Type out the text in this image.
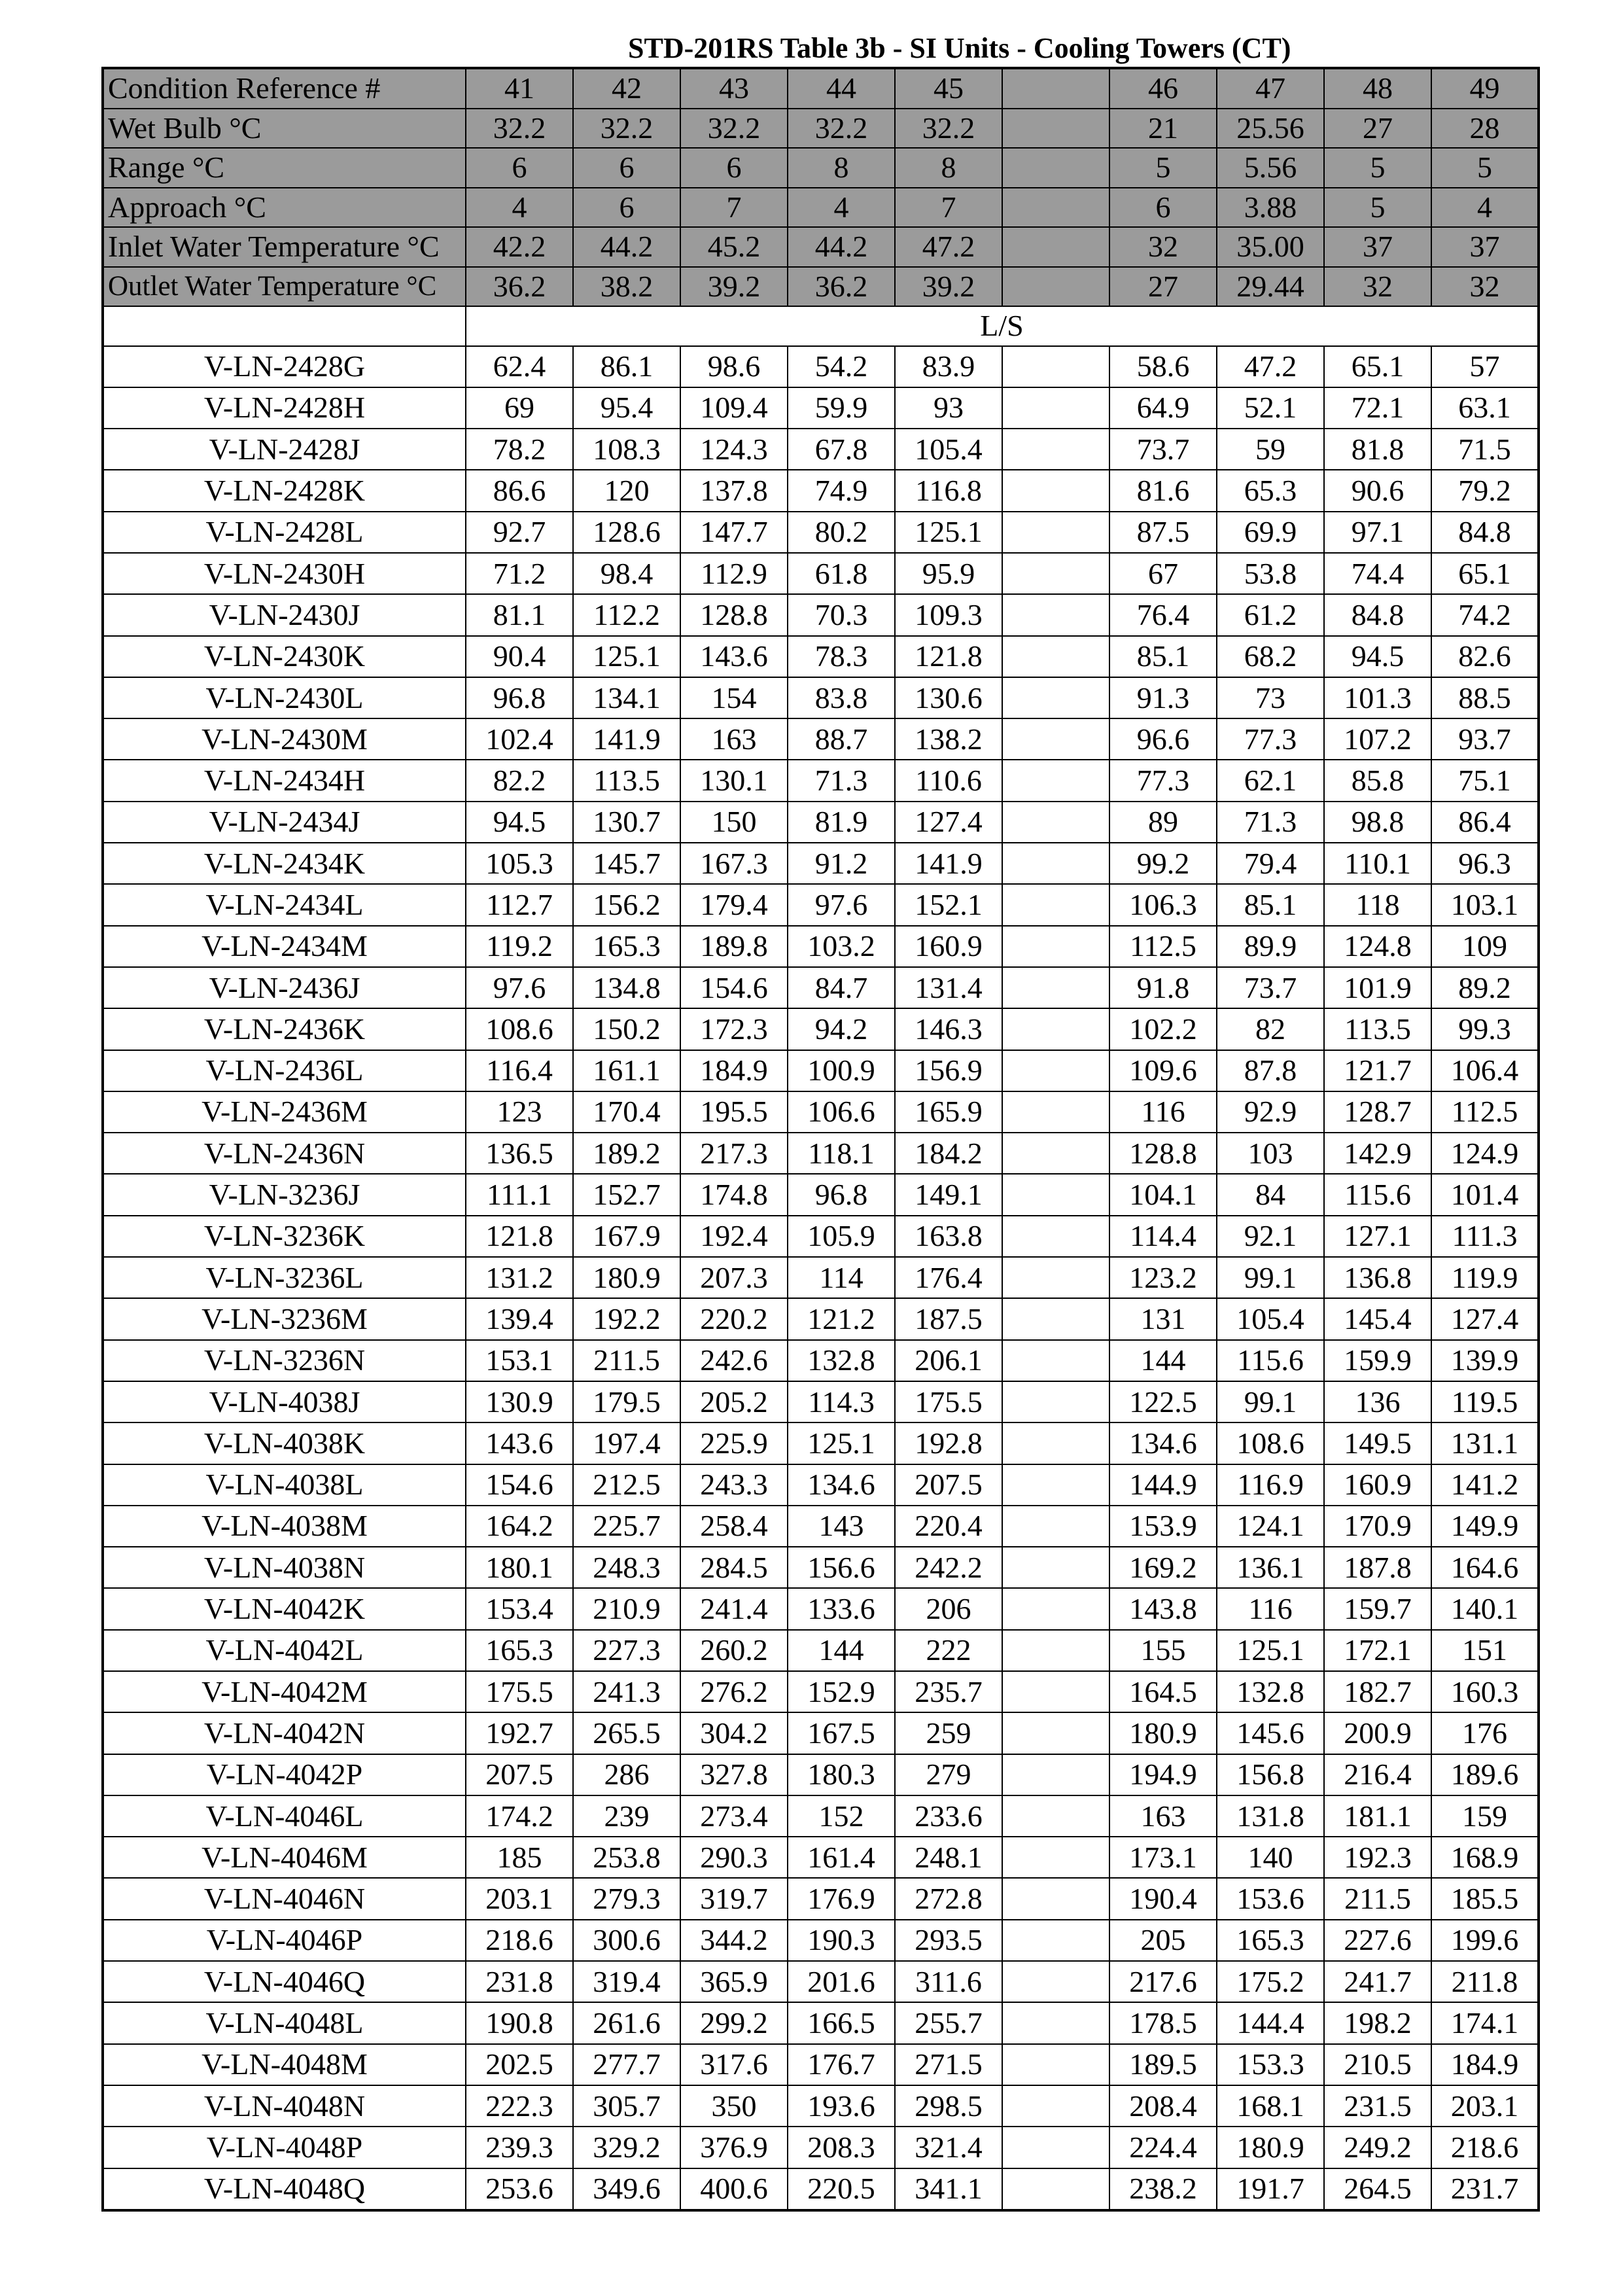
STD-201RS Table 3b - SI Units - Cooling Towers (CT)
Condition Reference #	41	42	43	44	45		46	47	48	49
Wet Bulb °C	32.2	32.2	32.2	32.2	32.2		21	25.56	27	28
Range °C	6	6	6	8	8		5	5.56	5	5
Approach °C	4	6	7	4	7		6	3.88	5	4
Inlet Water Temperature °C	42.2	44.2	45.2	44.2	47.2		32	35.00	37	37
Outlet Water Temperature °C	36.2	38.2	39.2	36.2	39.2		27	29.44	32	32
	L/S									
V-LN-2428G	62.4	86.1	98.6	54.2	83.9		58.6	47.2	65.1	57
V-LN-2428H	69	95.4	109.4	59.9	93		64.9	52.1	72.1	63.1
V-LN-2428J	78.2	108.3	124.3	67.8	105.4		73.7	59	81.8	71.5
V-LN-2428K	86.6	120	137.8	74.9	116.8		81.6	65.3	90.6	79.2
V-LN-2428L	92.7	128.6	147.7	80.2	125.1		87.5	69.9	97.1	84.8
V-LN-2430H	71.2	98.4	112.9	61.8	95.9		67	53.8	74.4	65.1
V-LN-2430J	81.1	112.2	128.8	70.3	109.3		76.4	61.2	84.8	74.2
V-LN-2430K	90.4	125.1	143.6	78.3	121.8		85.1	68.2	94.5	82.6
V-LN-2430L	96.8	134.1	154	83.8	130.6		91.3	73	101.3	88.5
V-LN-2430M	102.4	141.9	163	88.7	138.2		96.6	77.3	107.2	93.7
V-LN-2434H	82.2	113.5	130.1	71.3	110.6		77.3	62.1	85.8	75.1
V-LN-2434J	94.5	130.7	150	81.9	127.4		89	71.3	98.8	86.4
V-LN-2434K	105.3	145.7	167.3	91.2	141.9		99.2	79.4	110.1	96.3
V-LN-2434L	112.7	156.2	179.4	97.6	152.1		106.3	85.1	118	103.1
V-LN-2434M	119.2	165.3	189.8	103.2	160.9		112.5	89.9	124.8	109
V-LN-2436J	97.6	134.8	154.6	84.7	131.4		91.8	73.7	101.9	89.2
V-LN-2436K	108.6	150.2	172.3	94.2	146.3		102.2	82	113.5	99.3
V-LN-2436L	116.4	161.1	184.9	100.9	156.9		109.6	87.8	121.7	106.4
V-LN-2436M	123	170.4	195.5	106.6	165.9		116	92.9	128.7	112.5
V-LN-2436N	136.5	189.2	217.3	118.1	184.2		128.8	103	142.9	124.9
V-LN-3236J	111.1	152.7	174.8	96.8	149.1		104.1	84	115.6	101.4
V-LN-3236K	121.8	167.9	192.4	105.9	163.8		114.4	92.1	127.1	111.3
V-LN-3236L	131.2	180.9	207.3	114	176.4		123.2	99.1	136.8	119.9
V-LN-3236M	139.4	192.2	220.2	121.2	187.5		131	105.4	145.4	127.4
V-LN-3236N	153.1	211.5	242.6	132.8	206.1		144	115.6	159.9	139.9
V-LN-4038J	130.9	179.5	205.2	114.3	175.5		122.5	99.1	136	119.5
V-LN-4038K	143.6	197.4	225.9	125.1	192.8		134.6	108.6	149.5	131.1
V-LN-4038L	154.6	212.5	243.3	134.6	207.5		144.9	116.9	160.9	141.2
V-LN-4038M	164.2	225.7	258.4	143	220.4		153.9	124.1	170.9	149.9
V-LN-4038N	180.1	248.3	284.5	156.6	242.2		169.2	136.1	187.8	164.6
V-LN-4042K	153.4	210.9	241.4	133.6	206		143.8	116	159.7	140.1
V-LN-4042L	165.3	227.3	260.2	144	222		155	125.1	172.1	151
V-LN-4042M	175.5	241.3	276.2	152.9	235.7		164.5	132.8	182.7	160.3
V-LN-4042N	192.7	265.5	304.2	167.5	259		180.9	145.6	200.9	176
V-LN-4042P	207.5	286	327.8	180.3	279		194.9	156.8	216.4	189.6
V-LN-4046L	174.2	239	273.4	152	233.6		163	131.8	181.1	159
V-LN-4046M	185	253.8	290.3	161.4	248.1		173.1	140	192.3	168.9
V-LN-4046N	203.1	279.3	319.7	176.9	272.8		190.4	153.6	211.5	185.5
V-LN-4046P	218.6	300.6	344.2	190.3	293.5		205	165.3	227.6	199.6
V-LN-4046Q	231.8	319.4	365.9	201.6	311.6		217.6	175.2	241.7	211.8
V-LN-4048L	190.8	261.6	299.2	166.5	255.7		178.5	144.4	198.2	174.1
V-LN-4048M	202.5	277.7	317.6	176.7	271.5		189.5	153.3	210.5	184.9
V-LN-4048N	222.3	305.7	350	193.6	298.5		208.4	168.1	231.5	203.1
V-LN-4048P	239.3	329.2	376.9	208.3	321.4		224.4	180.9	249.2	218.6
V-LN-4048Q	253.6	349.6	400.6	220.5	341.1		238.2	191.7	264.5	231.7
